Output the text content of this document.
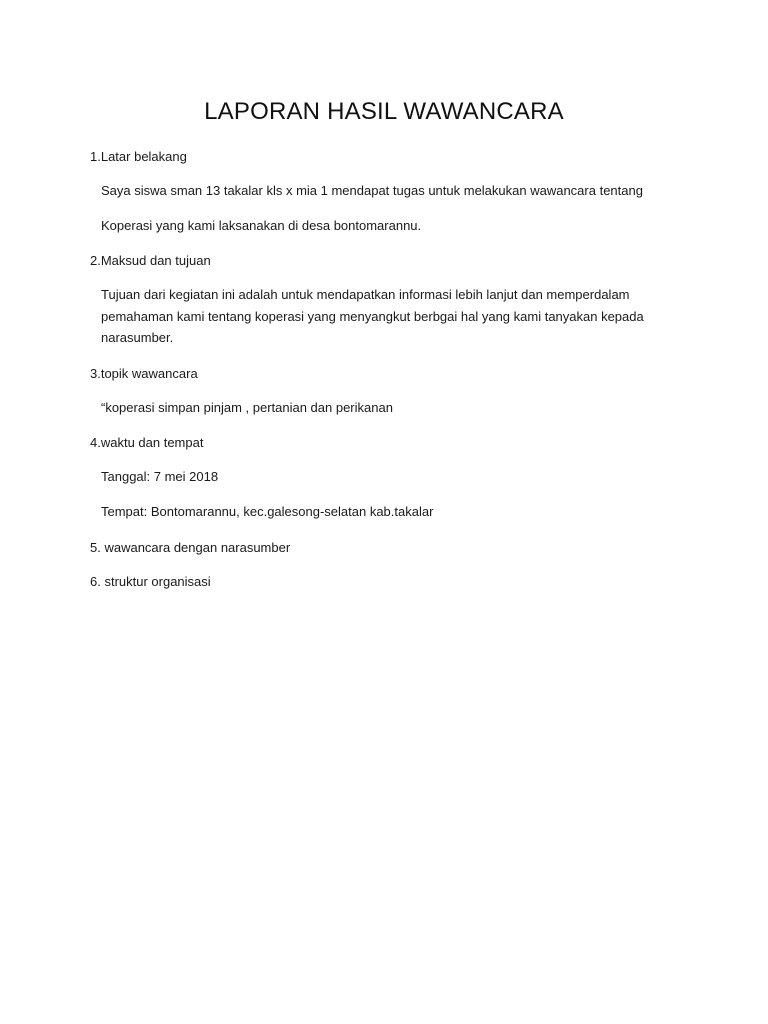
LAPORAN HASIL WAWANCARA
1.Latar belakang
Saya siswa sman 13 takalar kls x mia 1 mendapat tugas untuk melakukan wawancara tentang
Koperasi yang kami laksanakan di desa bontomarannu.
2.Maksud dan tujuan
Tujuan dari kegiatan ini adalah untuk mendapatkan informasi lebih lanjut dan memperdalam
pemahaman kami tentang koperasi yang menyangkut berbgai hal yang kami tanyakan kepada
narasumber.
3.topik wawancara
“koperasi simpan pinjam , pertanian dan perikanan
4.waktu dan tempat
Tanggal: 7 mei 2018
Tempat: Bontomarannu, kec.galesong-selatan kab.takalar
5. wawancara dengan narasumber
6. struktur organisasi
